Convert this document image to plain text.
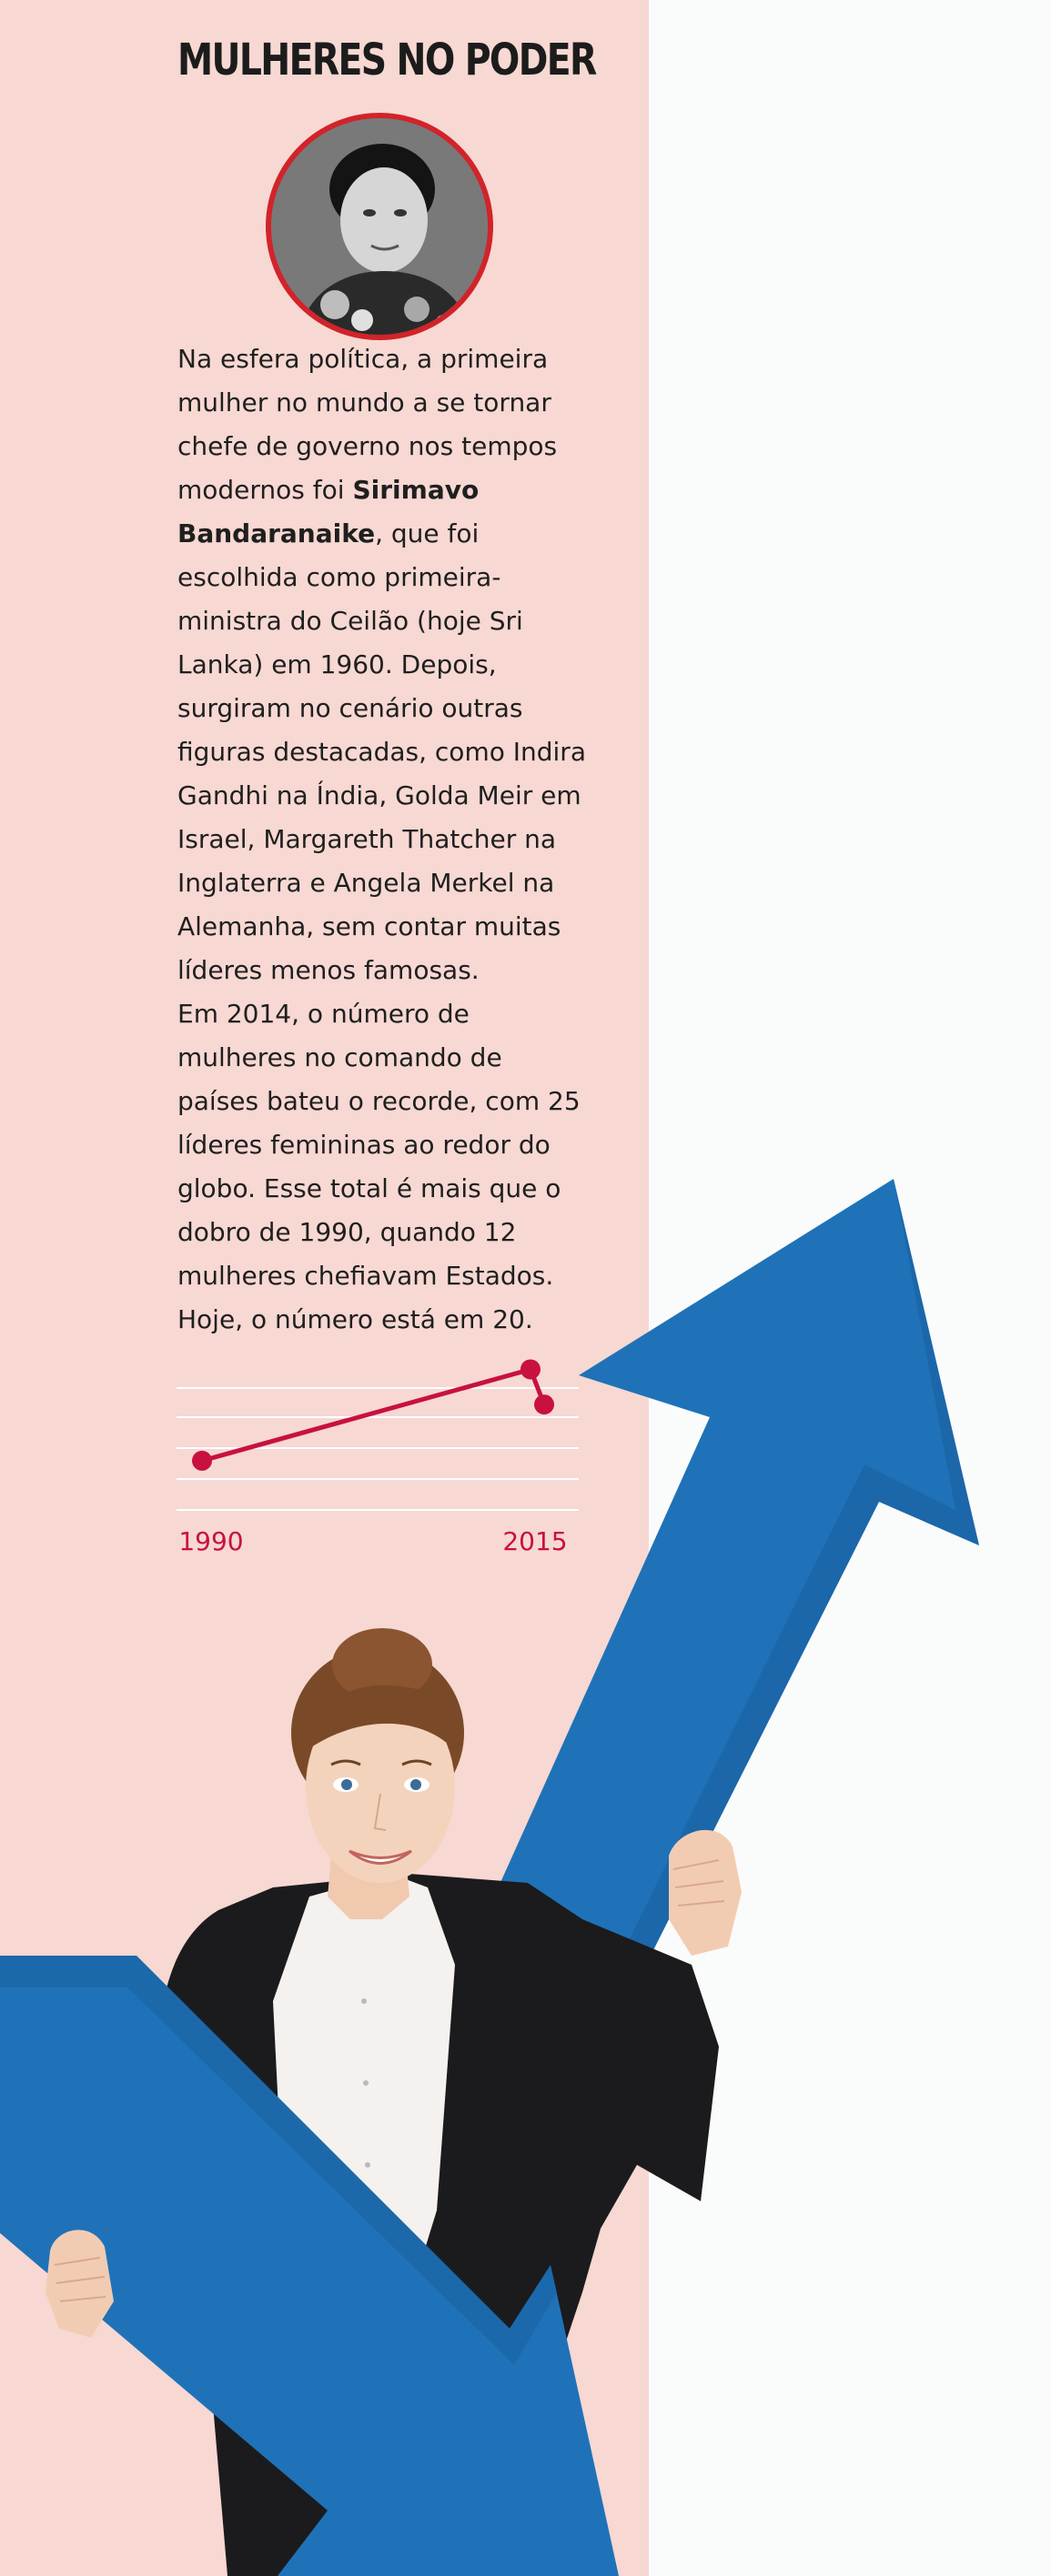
MULHERES NO PODER

Na esfera política, a primeira mulher no mundo a se tornar chefe de governo nos tempos modernos foi Sirimavo Bandaranaike, que foi escolhida como primeira-ministra do Ceilão (hoje Sri Lanka) em 1960. Depois, surgiram no cenário outras figuras destacadas, como Indira Gandhi na Índia, Golda Meir em Israel, Margareth Thatcher na Inglaterra e Angela Merkel na Alemanha, sem contar muitas líderes menos famosas.

Em 2014, o número de mulheres no comando de países bateu o recorde, com 25 líderes femininas ao redor do globo. Esse total é mais que o dobro de 1990, quando 12 mulheres chefiavam Estados. Hoje, o número está em 20.

1990	2015
